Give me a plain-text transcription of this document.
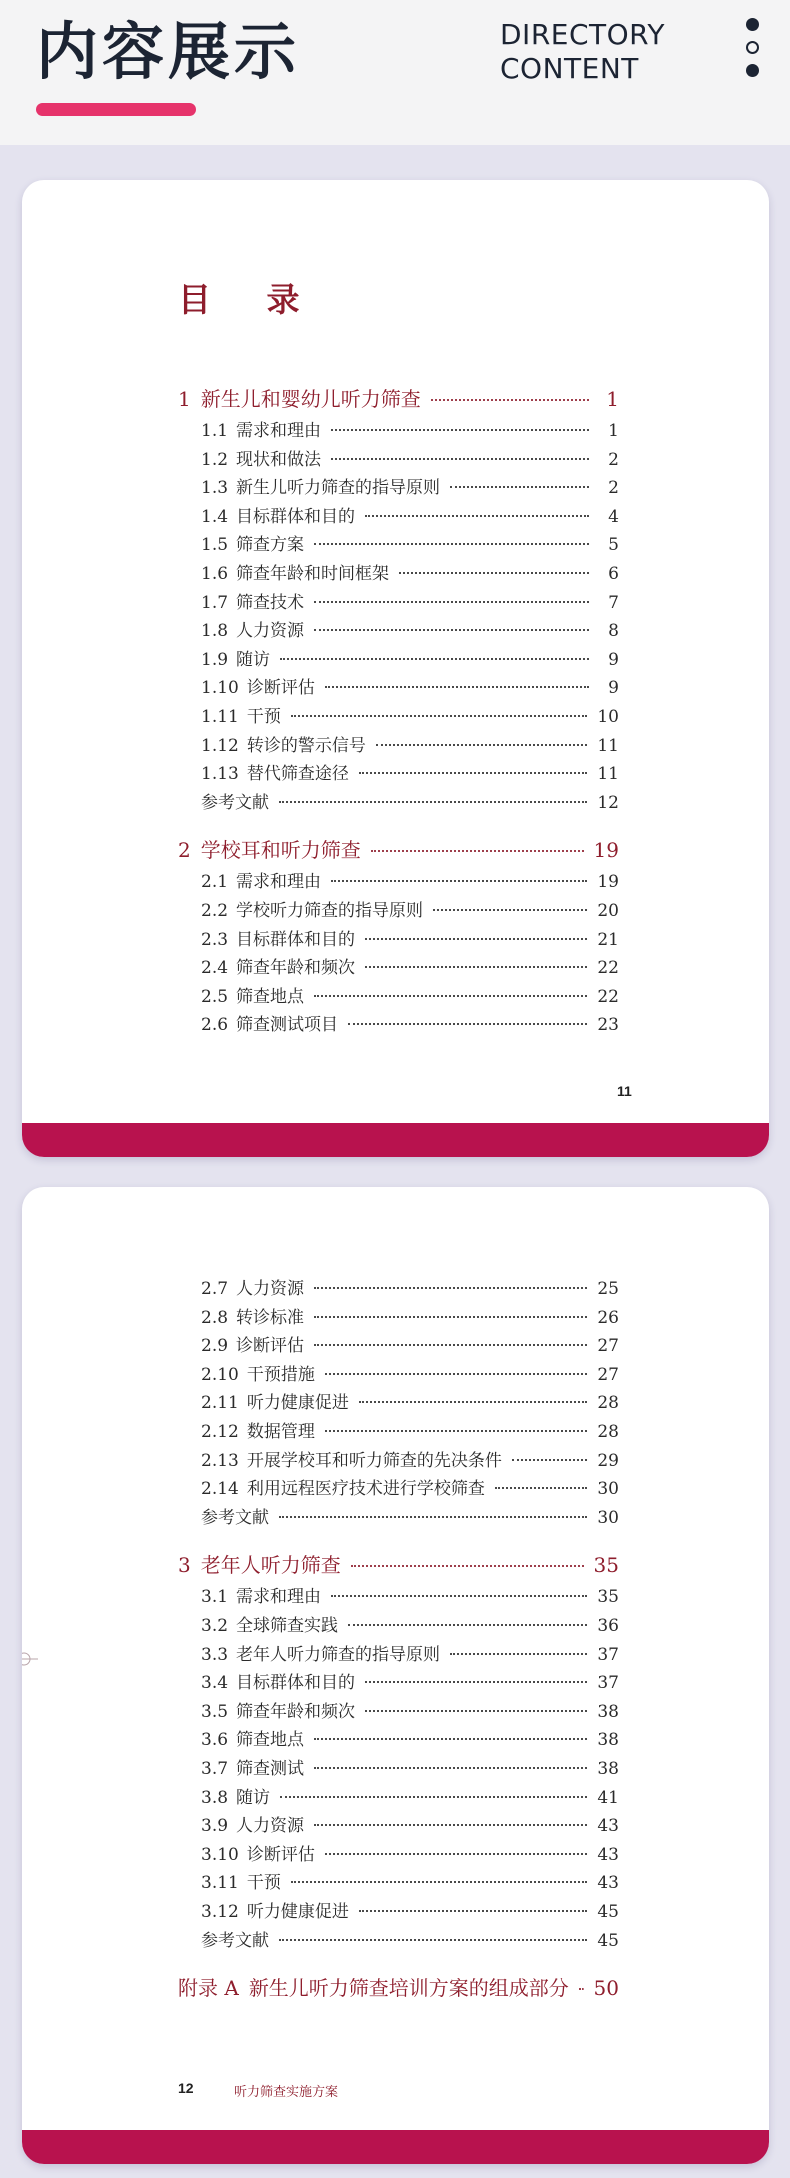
内容展示	DIRECTORY
CONTENT
目 录
1 新生儿和婴幼儿听力筛查	1
1.1 需求和理由	1
1.2 现状和做法	2
1.3 新生儿听力筛查的指导原则	2
1.4 目标群体和目的	4
1.5 筛查方案	5
1.6 筛查年龄和时间框架	6
1.7 筛查技术	7
1.8 人力资源	8
1.9 随访	9
1.10 诊断评估	9
1.11 干预	10
1.12 转诊的警示信号	11
1.13 替代筛查途径	11
参考文献	12
2 学校耳和听力筛查	19
2.1 需求和理由	19
2.2 学校听力筛查的指导原则	20
2.3 目标群体和目的	21
2.4 筛查年龄和频次	22
2.5 筛查地点	22
2.6 筛查测试项目	23
11
2.7 人力资源	25
2.8 转诊标准	26
2.9 诊断评估	27
2.10 干预措施	27
2.11 听力健康促进	28
2.12 数据管理	28
2.13 开展学校耳和听力筛查的先决条件	29
2.14 利用远程医疗技术进行学校筛查	30
参考文献	30
3 老年人听力筛查	35
3.1 需求和理由	35
3.2 全球筛查实践	36
3.3 老年人听力筛查的指导原则	37
3.4 目标群体和目的	37
3.5 筛查年龄和频次	38
3.6 筛查地点	38
3.7 筛查测试	38
3.8 随访	41
3.9 人力资源	43
3.10 诊断评估	43
3.11 干预	43
3.12 听力健康促进	45
参考文献	45
附录 A 新生儿听力筛查培训方案的组成部分 50
12	听力筛查实施方案
